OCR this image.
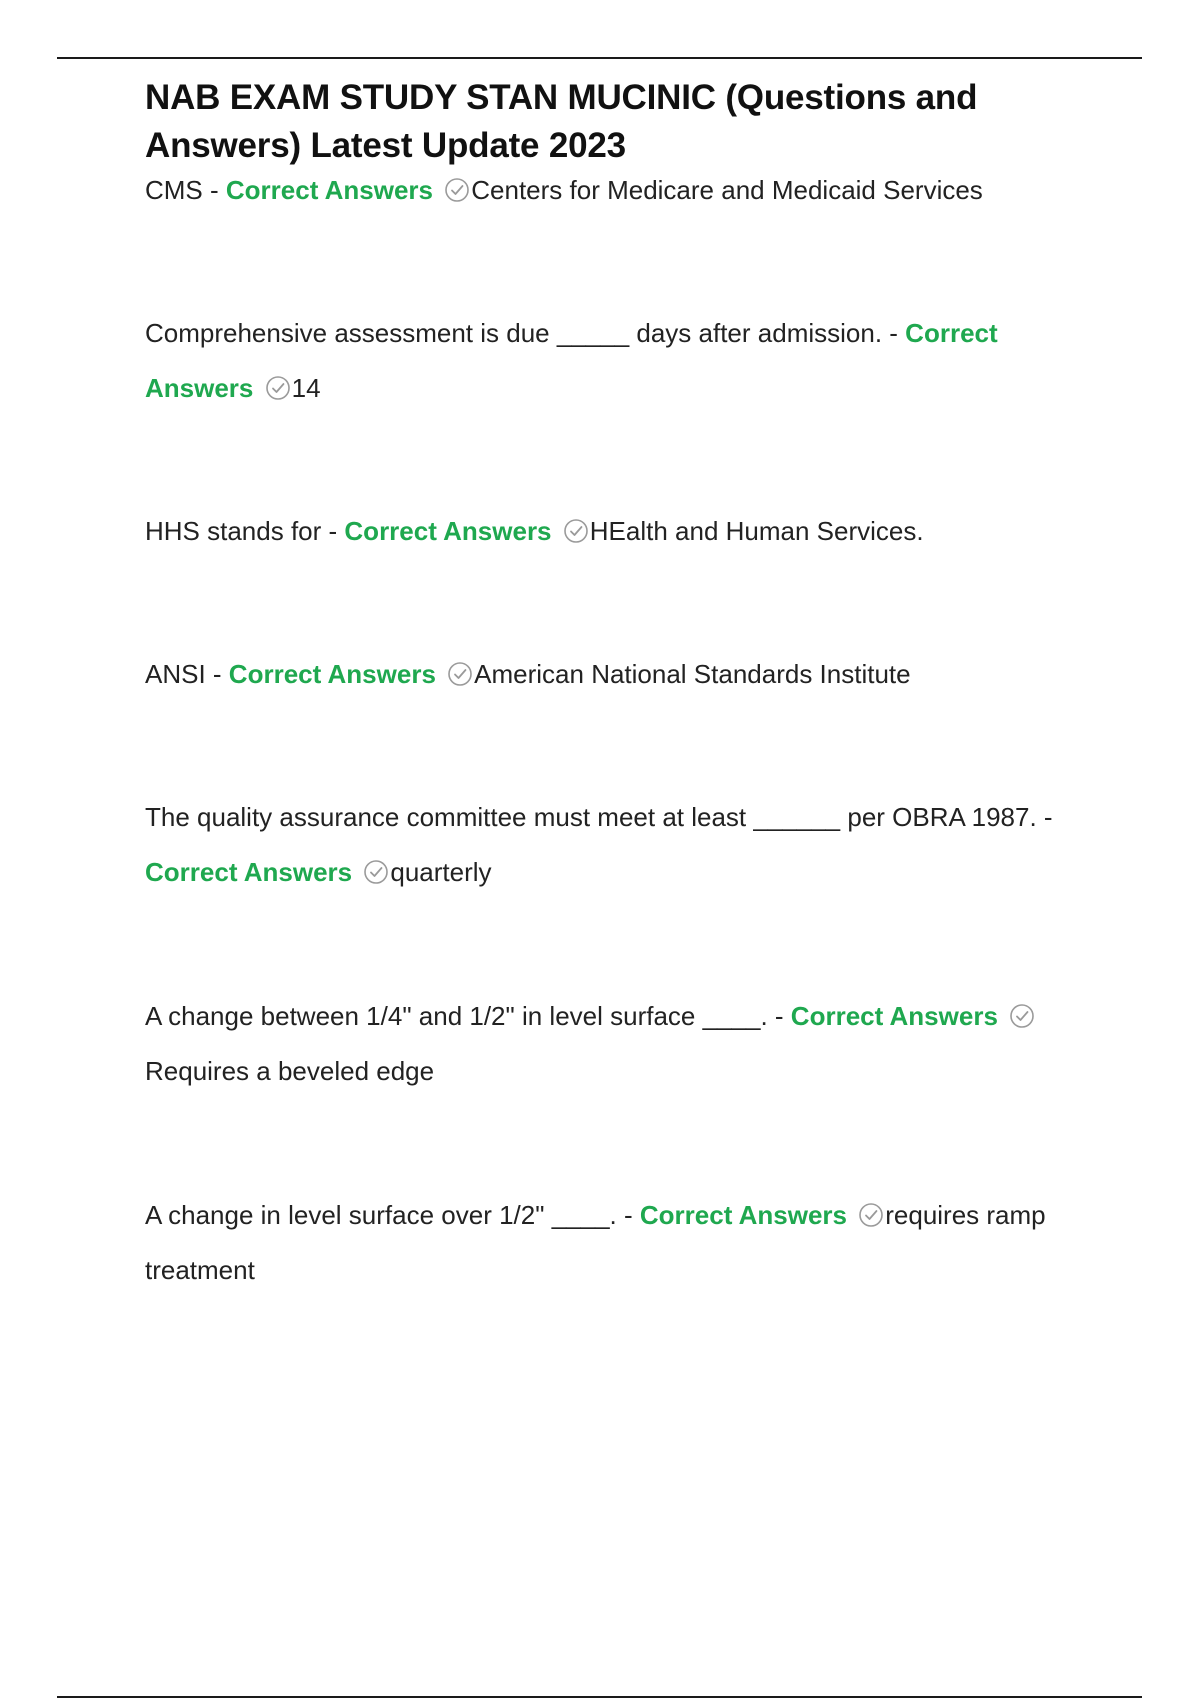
NAB EXAM STUDY STAN MUCINIC (Questions and Answers) Latest Update 2023
CMS - Correct Answers Centers for Medicare and Medicaid Services
Comprehensive assessment is due _____ days after admission. - Correct Answers 14
HHS stands for - Correct Answers HEalth and Human Services.
ANSI - Correct Answers American National Standards Institute
The quality assurance committee must meet at least ______ per OBRA 1987. - Correct Answers quarterly
A change between 1/4" and 1/2" in level surface ____. - Correct Answers
Requires a beveled edge
A change in level surface over 1/2" ____. - Correct Answers requires ramp treatment
